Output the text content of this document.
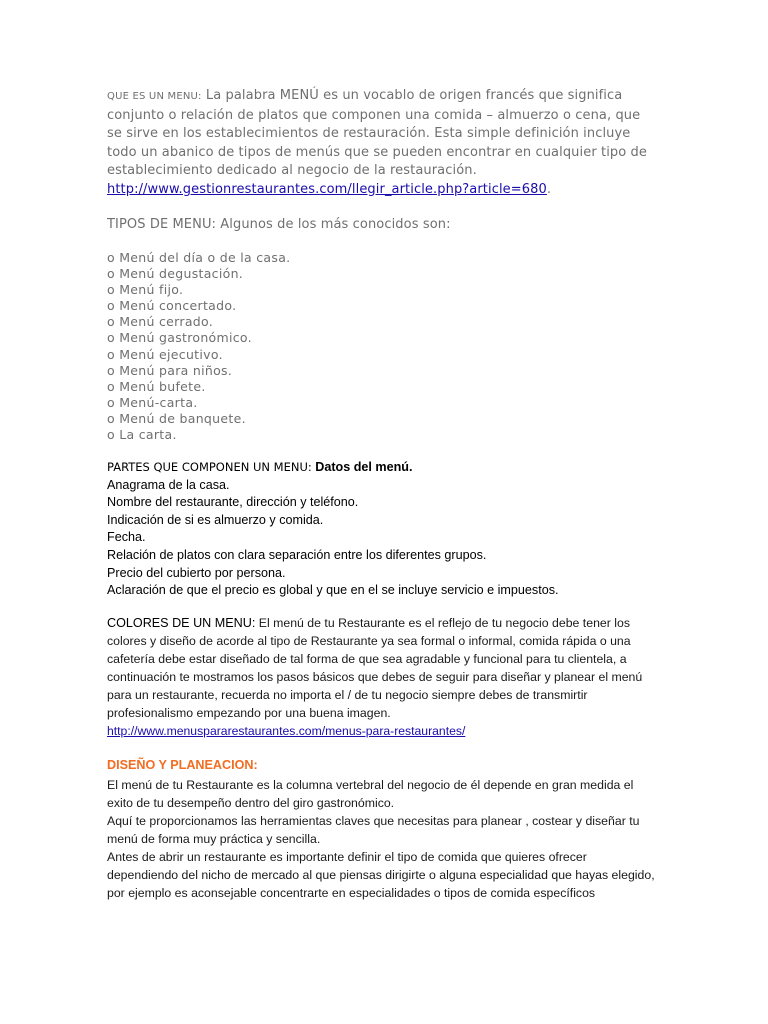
QUE ES UN MENU: La palabra MENÚ es un vocablo de origen francés que significa conjunto o relación de platos que componen una comida – almuerzo o cena, que se sirve en los establecimientos de restauración. Esta simple definición incluye todo un abanico de tipos de menús que se pueden encontrar en cualquier tipo de establecimiento dedicado al negocio de la restauración.
http://www.gestionrestaurantes.com/llegir_article.php?article=680.
TIPOS DE MENU: Algunos de los más conocidos son:
o Menú del día o de la casa.
o Menú degustación.
o Menú fijo.
o Menú concertado.
o Menú cerrado.
o Menú gastronómico.
o Menú ejecutivo.
o Menú para niños.
o Menú bufete.
o Menú-carta.
o Menú de banquete.
o La carta.

PARTES QUE COMPONEN UN MENU: Datos del menú.

Anagrama de la casa.

Nombre del restaurante, dirección y teléfono.

Indicación de si es almuerzo y comida.

Fecha.

Relación de platos con clara separación entre los diferentes grupos.

Precio del cubierto por persona.

Aclaración de que el precio es global y que en el se incluye servicio e impuestos.

COLORES DE UN MENU: El menú de tu Restaurante es el reflejo de tu negocio debe tener los colores y diseño de acorde al tipo de Restaurante ya sea formal o informal, comida rápida o una cafetería debe estar diseñado de tal forma de que sea agradable y funcional para tu clientela, a continuación te mostramos los pasos básicos que debes de seguir para diseñar y planear el menú para un restaurante, recuerda no importa el / de tu negocio siempre debes de transmirtir profesionalismo empezando por una buena imagen.
http://www.menuspararestaurantes.com/menus-para-restaurantes/
DISEÑO Y PLANEACION:
El menú de tu Restaurante es la columna vertebral del negocio de él depende en gran medida el exito de tu desempeño dentro del giro gastronómico.
Aquí te proporcionamos las herramientas claves que necesitas para planear , costear y diseñar tu menú de forma muy práctica y sencilla.
Antes de abrir un restaurante es importante definir el tipo de comida que quieres ofrecer dependiendo del nicho de mercado al que piensas dirigirte o alguna especialidad que hayas elegido, por ejemplo es aconsejable concentrarte en especialidades o tipos de comida específicos
